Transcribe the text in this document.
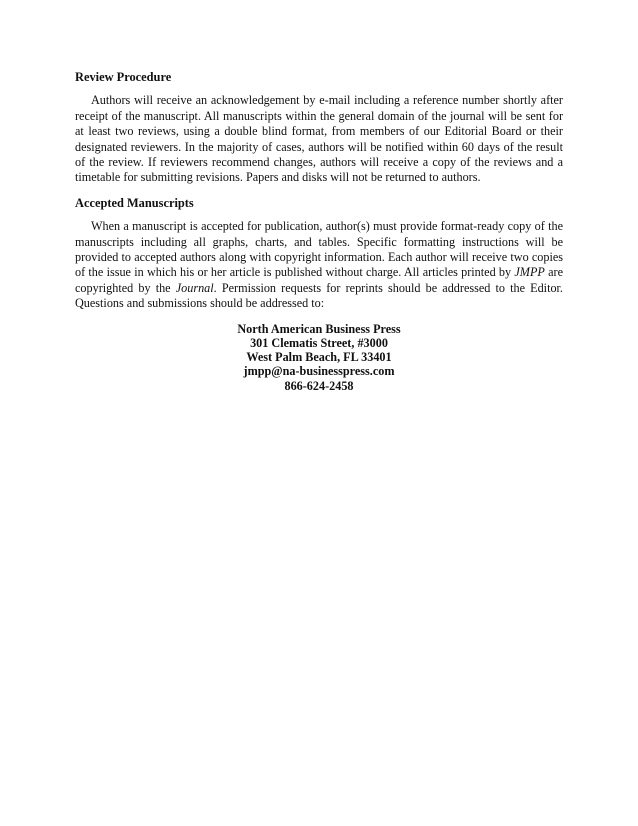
Review Procedure

Authors will receive an acknowledgement by e-mail including a reference number shortly after receipt of the manuscript. All manuscripts within the general domain of the journal will be sent for at least two reviews, using a double blind format, from members of our Editorial Board or their designated reviewers. In the majority of cases, authors will be notified within 60 days of the result of the review. If reviewers recommend changes, authors will receive a copy of the reviews and a timetable for submitting revisions. Papers and disks will not be returned to authors.

Accepted Manuscripts

When a manuscript is accepted for publication, author(s) must provide format-ready copy of the manuscripts including all graphs, charts, and tables. Specific formatting instructions will be provided to accepted authors along with copyright information. Each author will receive two copies of the issue in which his or her article is published without charge. All articles printed by JMPP are copyrighted by the Journal. Permission requests for reprints should be addressed to the Editor. Questions and submissions should be addressed to:

North American Business Press
301 Clematis Street, #3000
West Palm Beach, FL 33401
jmpp@na-businesspress.com
866-624-2458
